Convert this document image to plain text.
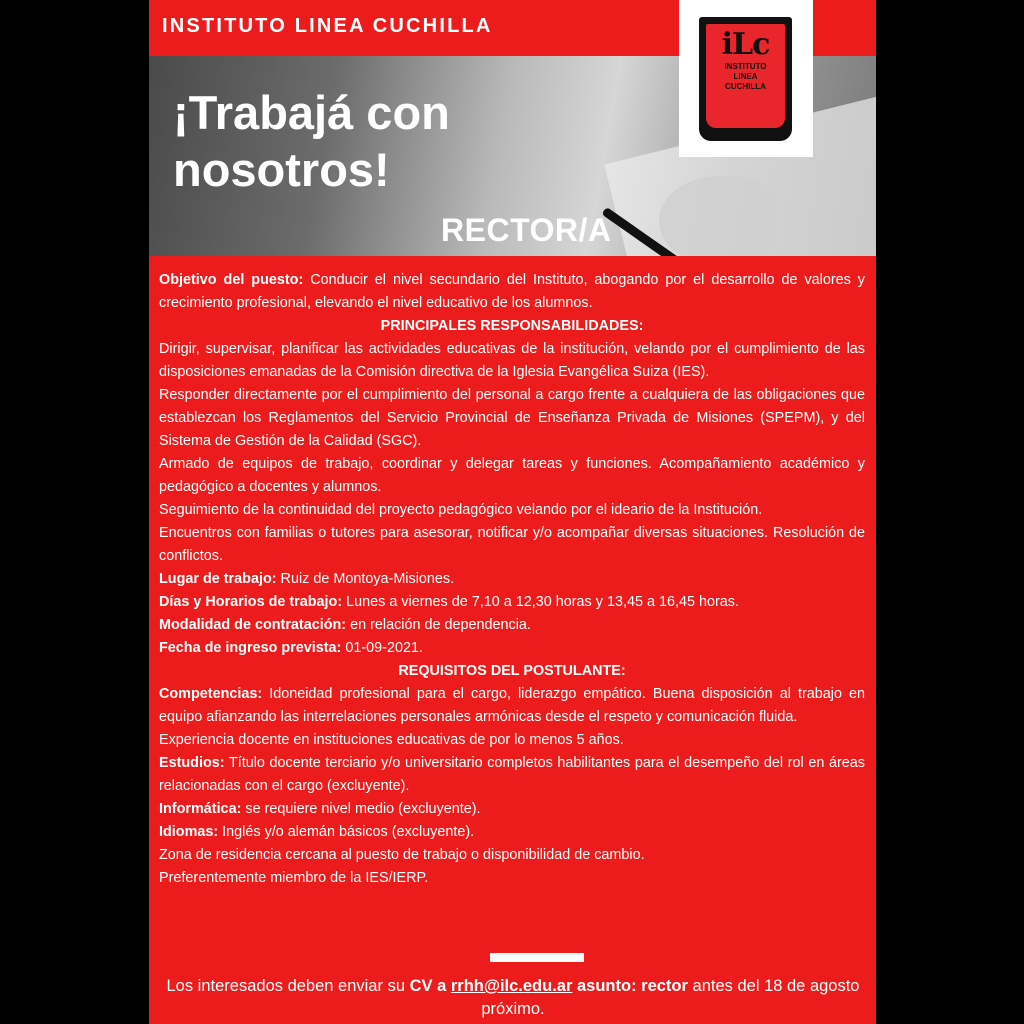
INSTITUTO LINEA CUCHILLA
¡Trabajá con
nosotros!
RECTOR/A
iLc
INSTITUTO
LINEA
CUCHILLA

Objetivo del puesto: Conducir el nivel secundario del Instituto, abogando por el desarrollo de valores y crecimiento profesional, elevando el nivel educativo de los alumnos.

PRINCIPALES RESPONSABILIDADES:

Dirigir, supervisar, planificar las actividades educativas de la institución, velando por el cumplimiento de las disposiciones emanadas de la Comisión directiva de la Iglesia Evangélica Suiza (IES).

Responder directamente por el cumplimiento del personal a cargo frente a cualquiera de las obligaciones que establezcan los Reglamentos del Servicio Provincial de Enseñanza Privada de Misiones (SPEPM), y del Sistema de Gestión de la Calidad (SGC).

Armado de equipos de trabajo, coordinar y delegar tareas y funciones. Acompañamiento académico y pedagógico a docentes y alumnos.

Seguimiento de la continuidad del proyecto pedagógico velando por el ideario de la Institución.

Encuentros con familias o tutores para asesorar, notificar y/o acompañar diversas situaciones. Resolución de conflictos.

Lugar de trabajo: Ruiz de Montoya-Misiones.

Días y Horarios de trabajo: Lunes a viernes de 7,10 a 12,30 horas y 13,45 a 16,45 horas.

Modalidad de contratación: en relación de dependencia.

Fecha de ingreso prevista: 01-09-2021.

REQUISITOS DEL POSTULANTE:

Competencias: Idoneidad profesional para el cargo, liderazgo empático. Buena disposición al trabajo en equipo afianzando las interrelaciones personales armónicas desde el respeto y comunicación fluida.

Experiencia docente en instituciones educativas de por lo menos 5 años.

Estudios: Título docente terciario y/o universitario completos habilitantes para el desempeño del rol en áreas relacionadas con el cargo (excluyente).

Informática: se requiere nivel medio (excluyente).

Idiomas: Inglés y/o alemán básicos (excluyente).

Zona de residencia cercana al puesto de trabajo o disponibilidad de cambio.

Preferentemente miembro de la IES/IERP.

Los interesados deben enviar su CV a rrhh@ilc.edu.ar asunto: rector antes del 18 de agosto próximo.
